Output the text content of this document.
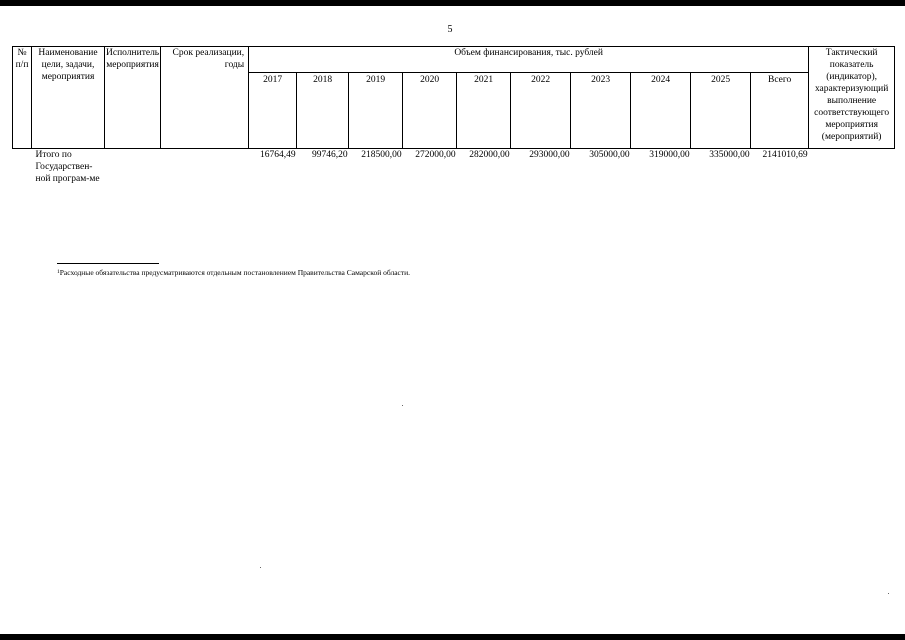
5
№ п/п	Наименование цели, задачи, мероприятия	Исполнитель мероприятия	Срок реализации, годы	Объем финансирования, тыс. рублей										Тактический показатель (индикатор), характеризующий выполнение соответствующего мероприятия (мероприятий)
				2017	2018	2019	2020	2021	2022	2023	2024	2025	Всего	
	Итого по Государствен-ной програм-ме			16764,49	99746,20	218500,00	272000,00	282000,00	293000,00	305000,00	319000,00	335000,00	2141010,69	
$^1$Расходные обязательства предусматриваются отдельным постановлением Правительства Самарской области.
